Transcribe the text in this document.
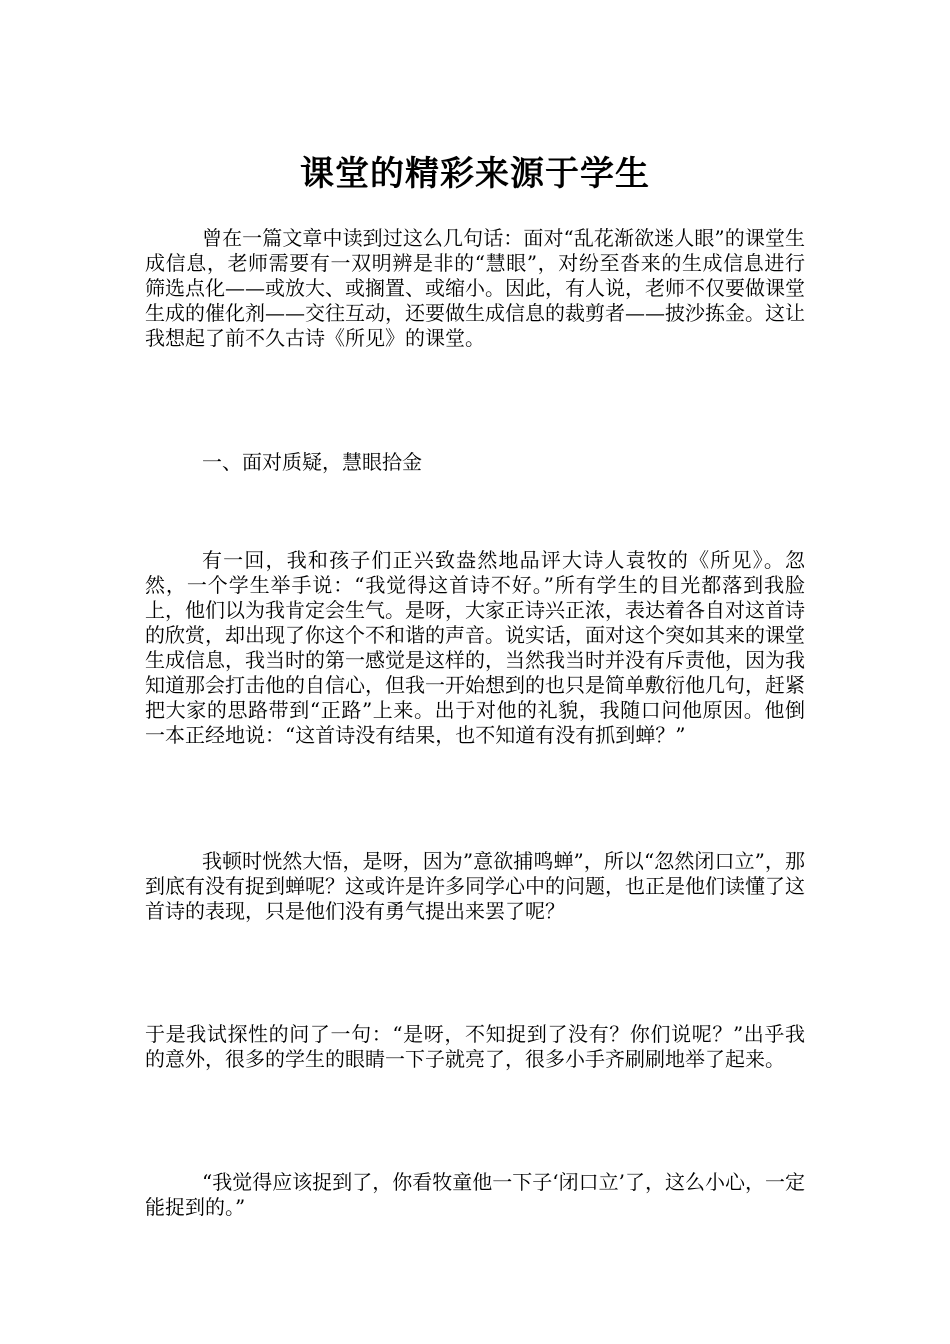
课堂的精彩来源于学生

曾在一篇文章中读到过这么几句话：面对“乱花渐欲迷人眼”的课堂生成信息，老师需要有一双明辨是非的“慧眼”，对纷至沓来的生成信息进行筛选点化——或放大、或搁置、或缩小。因此，有人说，老师不仅要做课堂生成的催化剂——交往互动，还要做生成信息的裁剪者——披沙拣金。这让我想起了前不久古诗《所见》的课堂。

一、面对质疑，慧眼拾金

有一回，我和孩子们正兴致盎然地品评大诗人袁牧的《所见》。忽然，一个学生举手说：“我觉得这首诗不好。”所有学生的目光都落到我脸上，他们以为我肯定会生气。是呀，大家正诗兴正浓，表达着各自对这首诗的欣赏，却出现了你这个不和谐的声音。说实话，面对这个突如其来的课堂生成信息，我当时的第一感觉是这样的，当然我当时并没有斥责他，因为我知道那会打击他的自信心，但我一开始想到的也只是简单敷衍他几句，赶紧把大家的思路带到“正路”上来。出于对他的礼貌，我随口问他原因。他倒一本正经地说：“这首诗没有结果，也不知道有没有抓到蝉？”

我顿时恍然大悟，是呀，因为”意欲捕鸣蝉”，所以“忽然闭口立”，那到底有没有捉到蝉呢？这或许是许多同学心中的问题，也正是他们读懂了这首诗的表现，只是他们没有勇气提出来罢了呢？

于是我试探性的问了一句：“是呀，不知捉到了没有？你们说呢？”出乎我的意外，很多的学生的眼睛一下子就亮了，很多小手齐刷刷地举了起来。

“我觉得应该捉到了，你看牧童他一下子‘闭口立’了，这么小心，一定能捉到的。”
